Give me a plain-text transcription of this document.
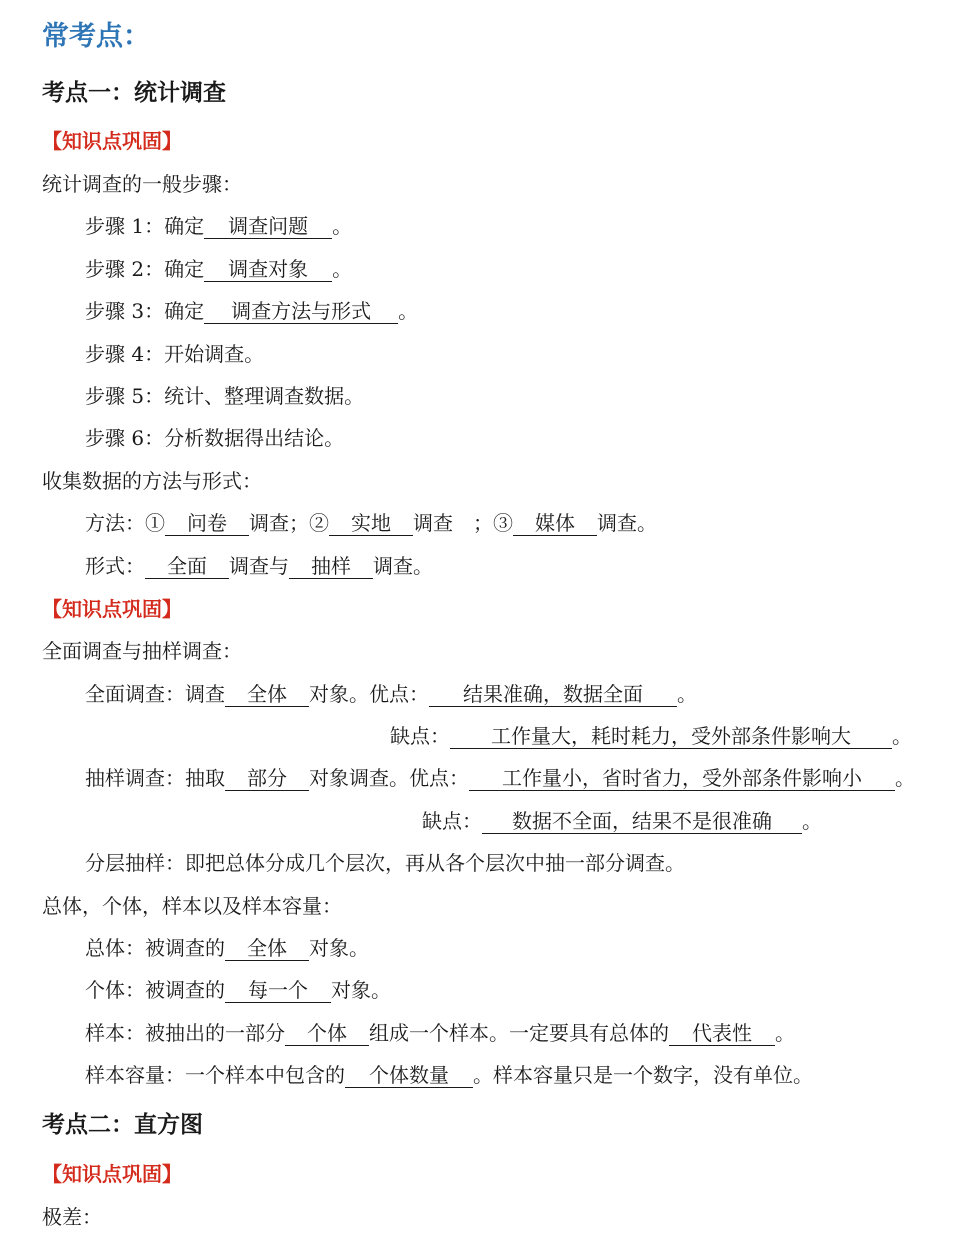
常考点：
考点一：统计调查
【知识点巩固】
统计调查的一般步骤：
步骤 1：确定 调查问题 。
步骤 2：确定 调查对象 。
步骤 3：确定 调查方法与形式 。
步骤 4：开始调查。
步骤 5：统计、整理调查数据。
步骤 6：分析数据得出结论。
收集数据的方法与形式：
方法：① 问卷 调查；② 实地 调查　；③ 媒体 调查。
形式： 全面 调查与 抽样 调查。
【知识点巩固】
全面调查与抽样调查：
全面调查：调查 全体 对象。优点： 结果准确，数据全面 。
缺点： 工作量大，耗时耗力，受外部条件影响大 。
抽样调查：抽取 部分 对象调查。优点： 工作量小，省时省力，受外部条件影响小 。
缺点： 数据不全面，结果不是很准确 。
分层抽样：即把总体分成几个层次，再从各个层次中抽一部分调查。
总体，个体，样本以及样本容量：
总体：被调查的 全体 对象。
个体：被调查的 每一个 对象。
样本：被抽出的一部分 个体 组成一个样本。一定要具有总体的 代表性 。
样本容量：一个样本中包含的 个体数量 。样本容量只是一个数字，没有单位。
考点二：直方图
【知识点巩固】
极差：
